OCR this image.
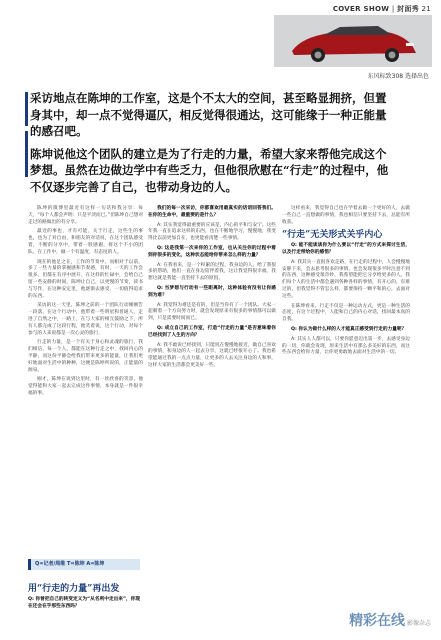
COVER SHOW | 封面秀 21
东风标致308 选择出色
采访地点在陈坤的工作室，这是个不太大的空间，甚至略显拥挤，但置身其中，却一点不觉得逼仄，相反觉得很通达，这可能缘于一种正能量的感召吧。
陈坤说他这个团队的建立是为了行走的力量，希望大家来帮他完成这个梦想。虽然在边做边学中有些乏力，但他很欣慰在“行走”的过程中，他不仅逐步完善了自己，也带动身边的人。

陈坤的微博里最近有这样一句话和我分享：每天，“每个人都会声明：只是平淡而已。”但陈坤自己想对走过的路做出的有分享。

最近的事也，才有可能，关于行走，这些生的事也，也为了对自由，和朋友的对话说，在这个团队感受着，不断的分享中，带着一股感谢，将这个不小的团队，在工作中，做一个有温度，有态度的人。

现在的他足之在，工作的节奏中，而相对于以前，多了一些力量的掌握感和节奏感，有时，一天的工作会很多，但都在有序中展开，在这样的忙碌中，会给自己留一些安静的时间，陈坤让自己，以更慢的节奏，读书与写作，在这种安定里，他逐渐去感受，一切值得追求的东西。

采访的这一天里，陈坤之前的一个团队行动刚刚告一段落，在这个行动中，他带着一些明星和普通人，走进了自然之中，一路上，在与大家的相互鼓励之下，所有人都完成了这段行程，他笑着说，这个行动，对每个参与的人来说都是一次心灵的旅行，

行走的力量，是一个有关于身心和灵魂的旅行，我们相信，每一个人，都能在这种行走之中，找回内心的平静，而这份平静会给我们带来更多的能量，让我们更好地面对生活中的种种，这便是陈坤所说的，正能量的源泉。

刚才，陈坤在说到这里时，有一丝欣喜的笑容，他觉得能和大家一起去完成这件事情，本身就是一件很幸福的事。

Q=记者/周维 T=陈坤 A=陈坤
用“行走的力量”再出发

Q: 你曾把自己的转变定义为“从名利中走出来”，你现在还会在乎那些东西吗？

我们的每一次采访，你都喜欢用最真实的话语回答我们。在你的生命中，最重要的是什么？

A: 其实我觉得最重要的应该是，内心的平和与安宁。这些年我一直在追求这样的东西，也在不断地学习，慢慢地，我变得比以前更加自在，也更能看清楚一些事情。

Q: 这是我第一次来你的工作室，也从关注你的过程中看到你很多的变化，这种状态能给你带来怎么样的力量？

A: 在我看来，是一个积累的过程，我身边的人，给了我很多的帮助，他们一直在身边陪伴着我，这让我觉得很幸福，我想这就是我能一直坚持下去的原因。

Q: 当梦想与行动有一些距离时，这种体验有没有让你感到为难？

A: 我觉得为难还是有的，但是当你有了一个团队，大家一起朝着一个方向努力时，就会发现原来有很多的事情都可以做到，只是需要时间而已。

Q: 成立自己的工作室，打造“行走的力量”是否意味着你已经找到了人生的方向？

A: 我不敢说已经找到，只能说在慢慢地接近，做自己喜欢的事情，和身边的人一起去分享，这就已经很开心了。我也希望能通过我的一点点力量，让更多的人去关注身边的人和事，这样大家的生活都会更美好一些。

这样看来，我觉得自己也在学着去做一个更好的人，去做一些自己一直想做的事情，我也相信只要坚持下去，总能有所收获。

“行走”无关形式关乎内心

Q: 能不能谈谈你为什么要以“行走”的方式来探讨生活，以及行走带给你的感悟？

A: 我其实一直很喜欢走路，在行走的过程中，人会慢慢地安静下来，会去思考很多的事情，也会发现很多平时注意不到的东西，这种感受很奇妙，我希望能把它分享给更多的人。我们每个人的生活中都会遇到各种各样的事情，有开心的，有难过的，但我觉得不管怎么样，都要保持一颗平和的心，去面对这些。

在陈坤看来，行走不仅是一种运动方式，更是一种生活的态度，在这个过程中，人能和自己的内心对话，找回最本真的自我。

Q: 你认为做什么样的人才能真正感受到行走的力量呢？

A: 其实人人都可以，只要你愿意迈出第一步，去感受身边的一切，你就会发现，原来生活中有那么多美好的东西，而这些东西会给你力量，让你更勇敢地去面对生活中的一切。

精彩在线 影像杂志
